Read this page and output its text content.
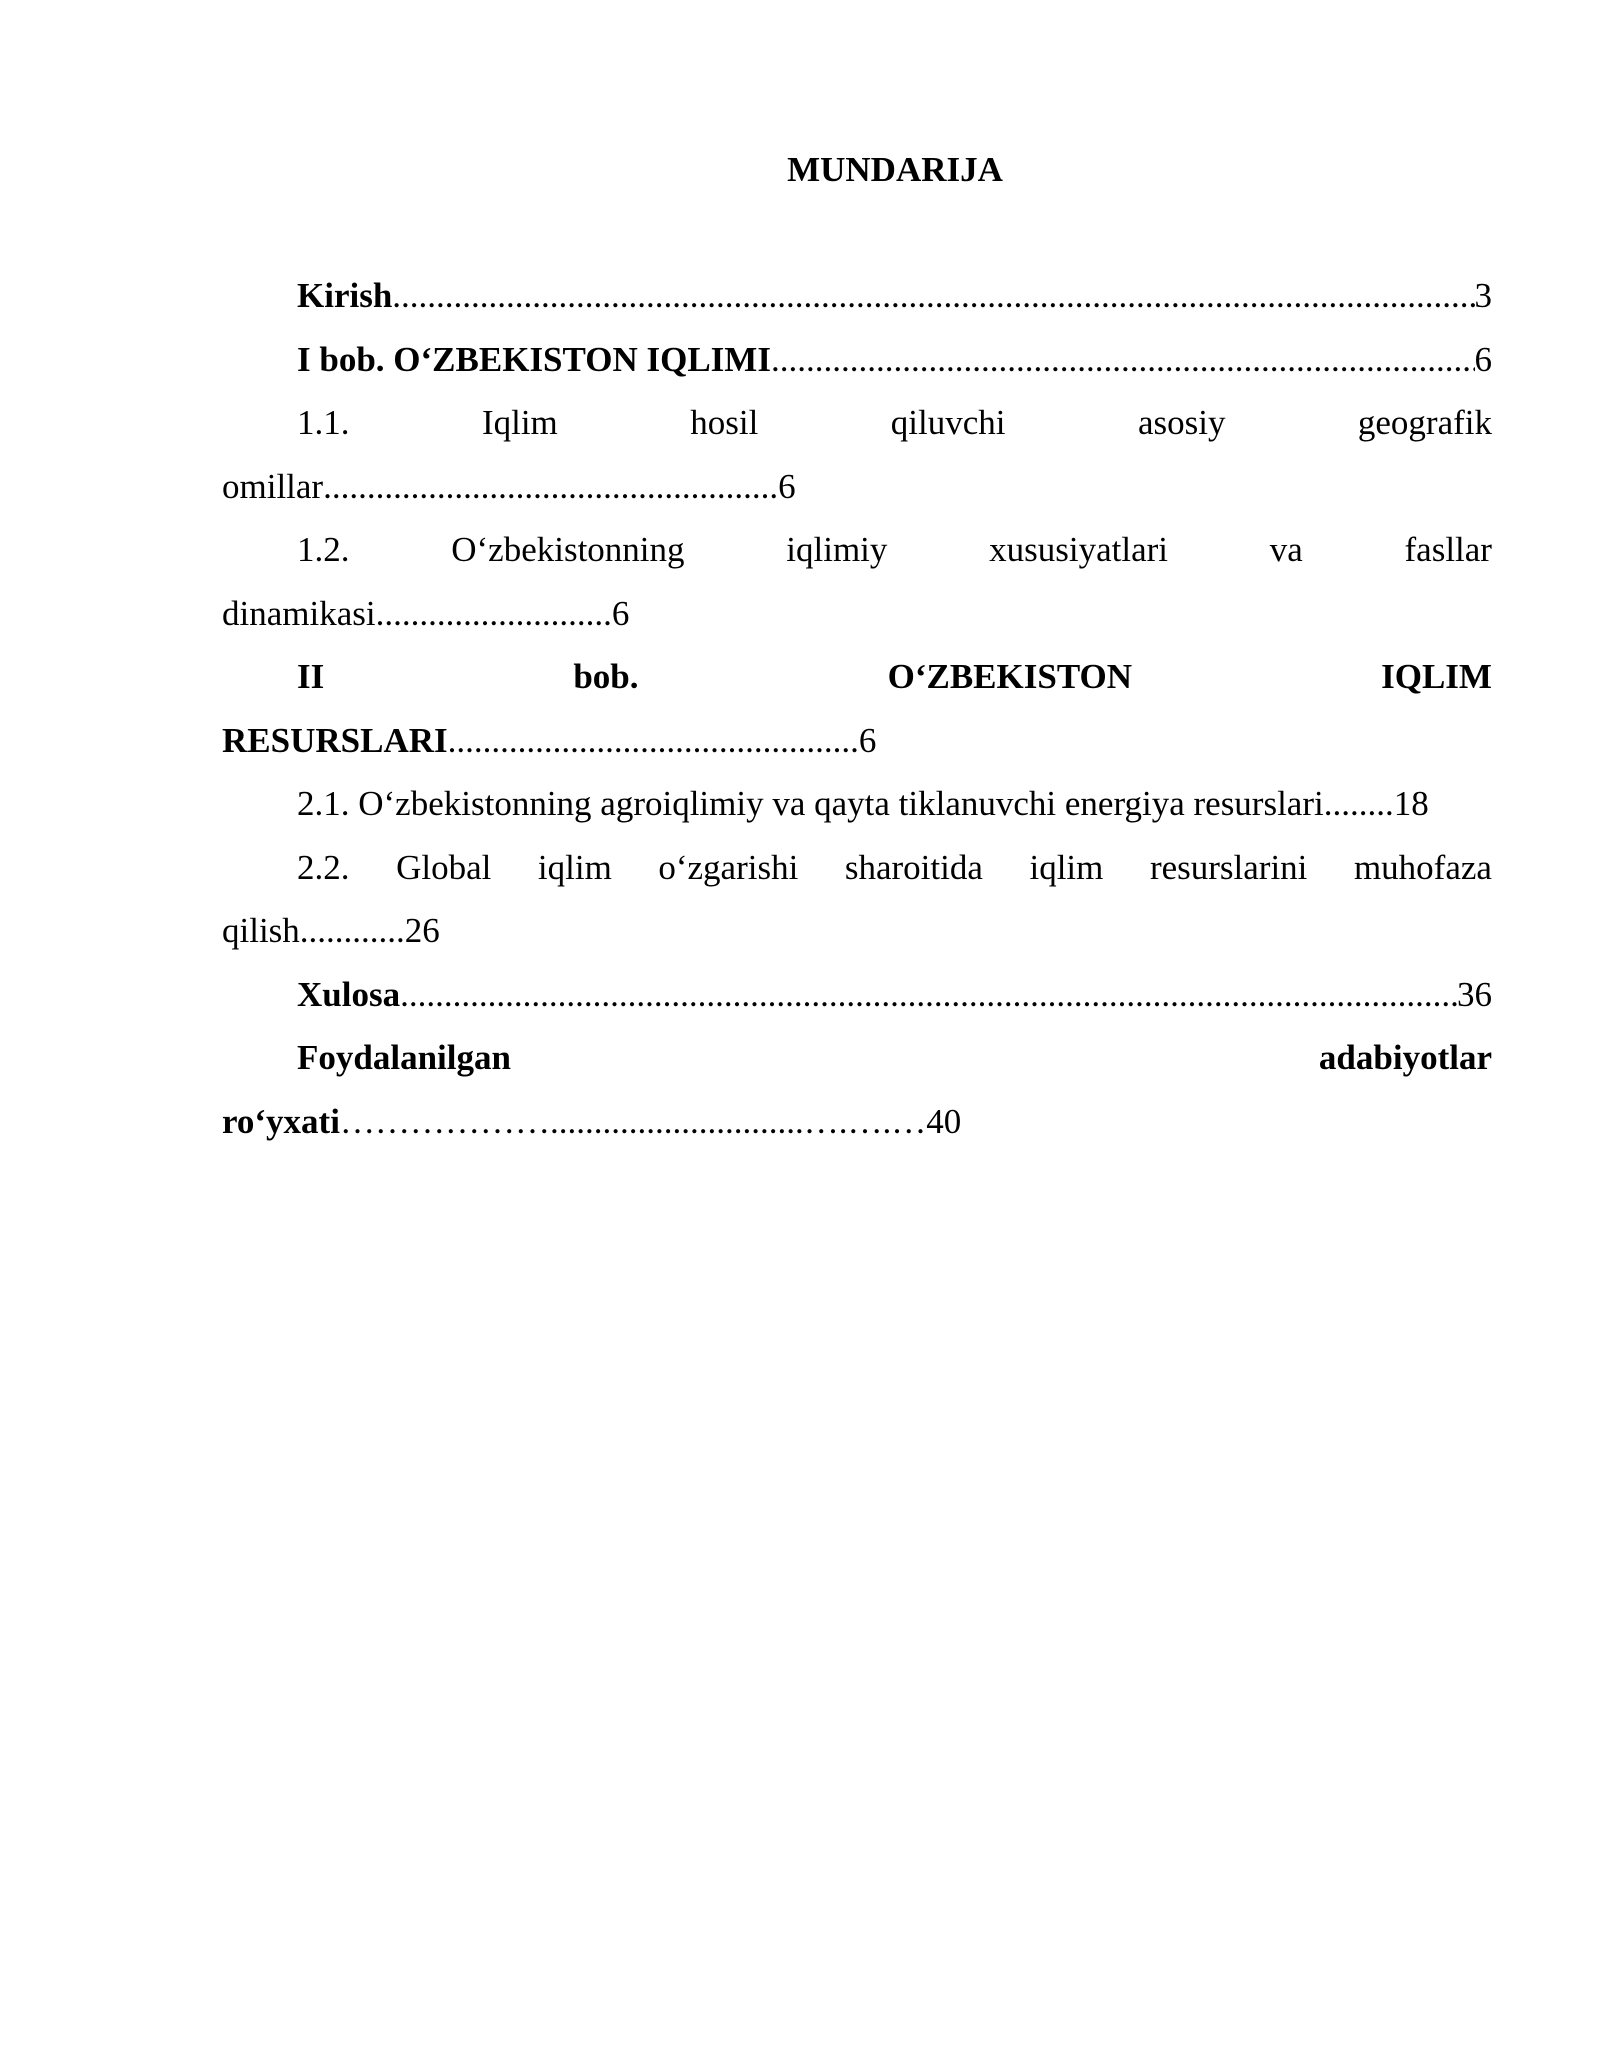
MUNDARIJA
Kirish .....	3
I bob. O‘ZBEKISTON IQLIMI .....	6
1.1.	Iqlim	hosil	qiluvchi	asosiy	geografik
omillar .................................................... 6
1.2.	O‘zbekistonning	iqlimiy	xususiyatlari	va	fasllar
dinamikasi ........................... 6
II	bob.	O‘ZBEKISTON	IQLIM
RESURSLARI ............................................... 6
2.1. O‘zbekistonning agroiqlimiy va qayta tiklanuvchi energiya resurslari ........ 18
2.2. Global iqlim o‘zgarishi sharoitida iqlim resurslarini muhofaza
qilish ............ 26
Xulosa .....	36
Foydalanilgan	adabiyotlar
ro‘yxati ……………….............................….….… 40
